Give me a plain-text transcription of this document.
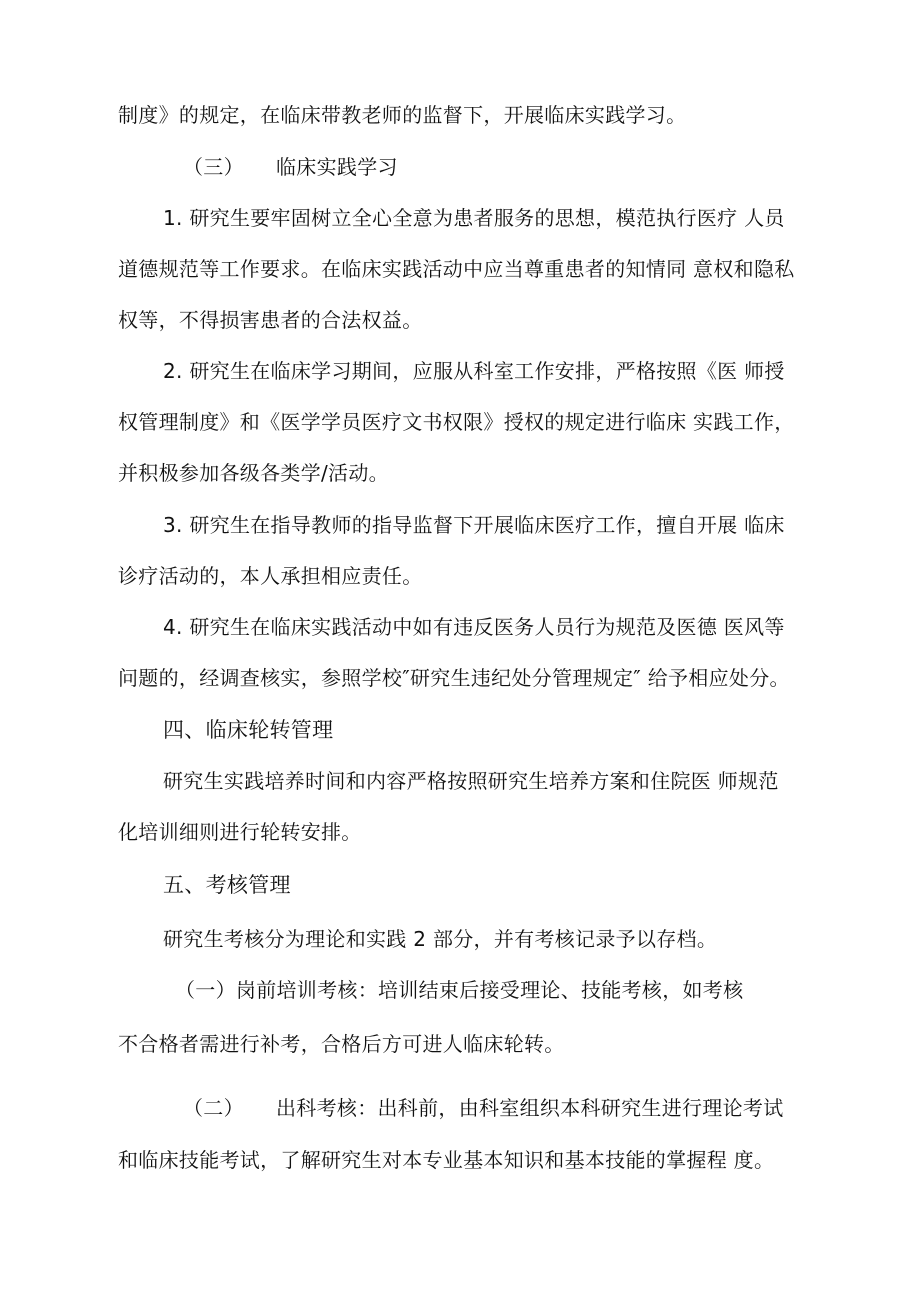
制度》的规定，在临床带教老师的监督下，开展临床实践学习。
（三） 临床实践学习
1. 研究生要牢固树立全心全意为患者服务的思想，模范执行医疗 人员
道德规范等工作要求。在临床实践活动中应当尊重患者的知情同 意权和隐私
权等，不得损害患者的合法权益。
2. 研究生在临床学习期间，应服从科室工作安排，严格按照《医 师授
权管理制度》和《医学学员医疗文书权限》授权的规定进行临床 实践工作，
并积极参加各级各类学/活动。
3. 研究生在指导教师的指导监督下开展临床医疗工作，擅自开展 临床
诊疗活动的，本人承担相应责任。
4. 研究生在临床实践活动中如有违反医务人员行为规范及医德 医风等
问题的，经调查核实，参照学校″研究生违纪处分管理规定″ 给予相应处分。
四、临床轮转管理
研究生实践培养时间和内容严格按照研究生培养方案和住院医 师规范
化培训细则进行轮转安排。
五、考核管理
研究生考核分为理论和实践 2 部分，并有考核记录予以存档。
（一）岗前培训考核：培训结束后接受理论、技能考核，如考核
不合格者需进行补考，合格后方可进人临床轮转。
（二） 出科考核：出科前，由科室组织本科研究生进行理论考试
和临床技能考试，了解研究生对本专业基本知识和基本技能的掌握程 度。
